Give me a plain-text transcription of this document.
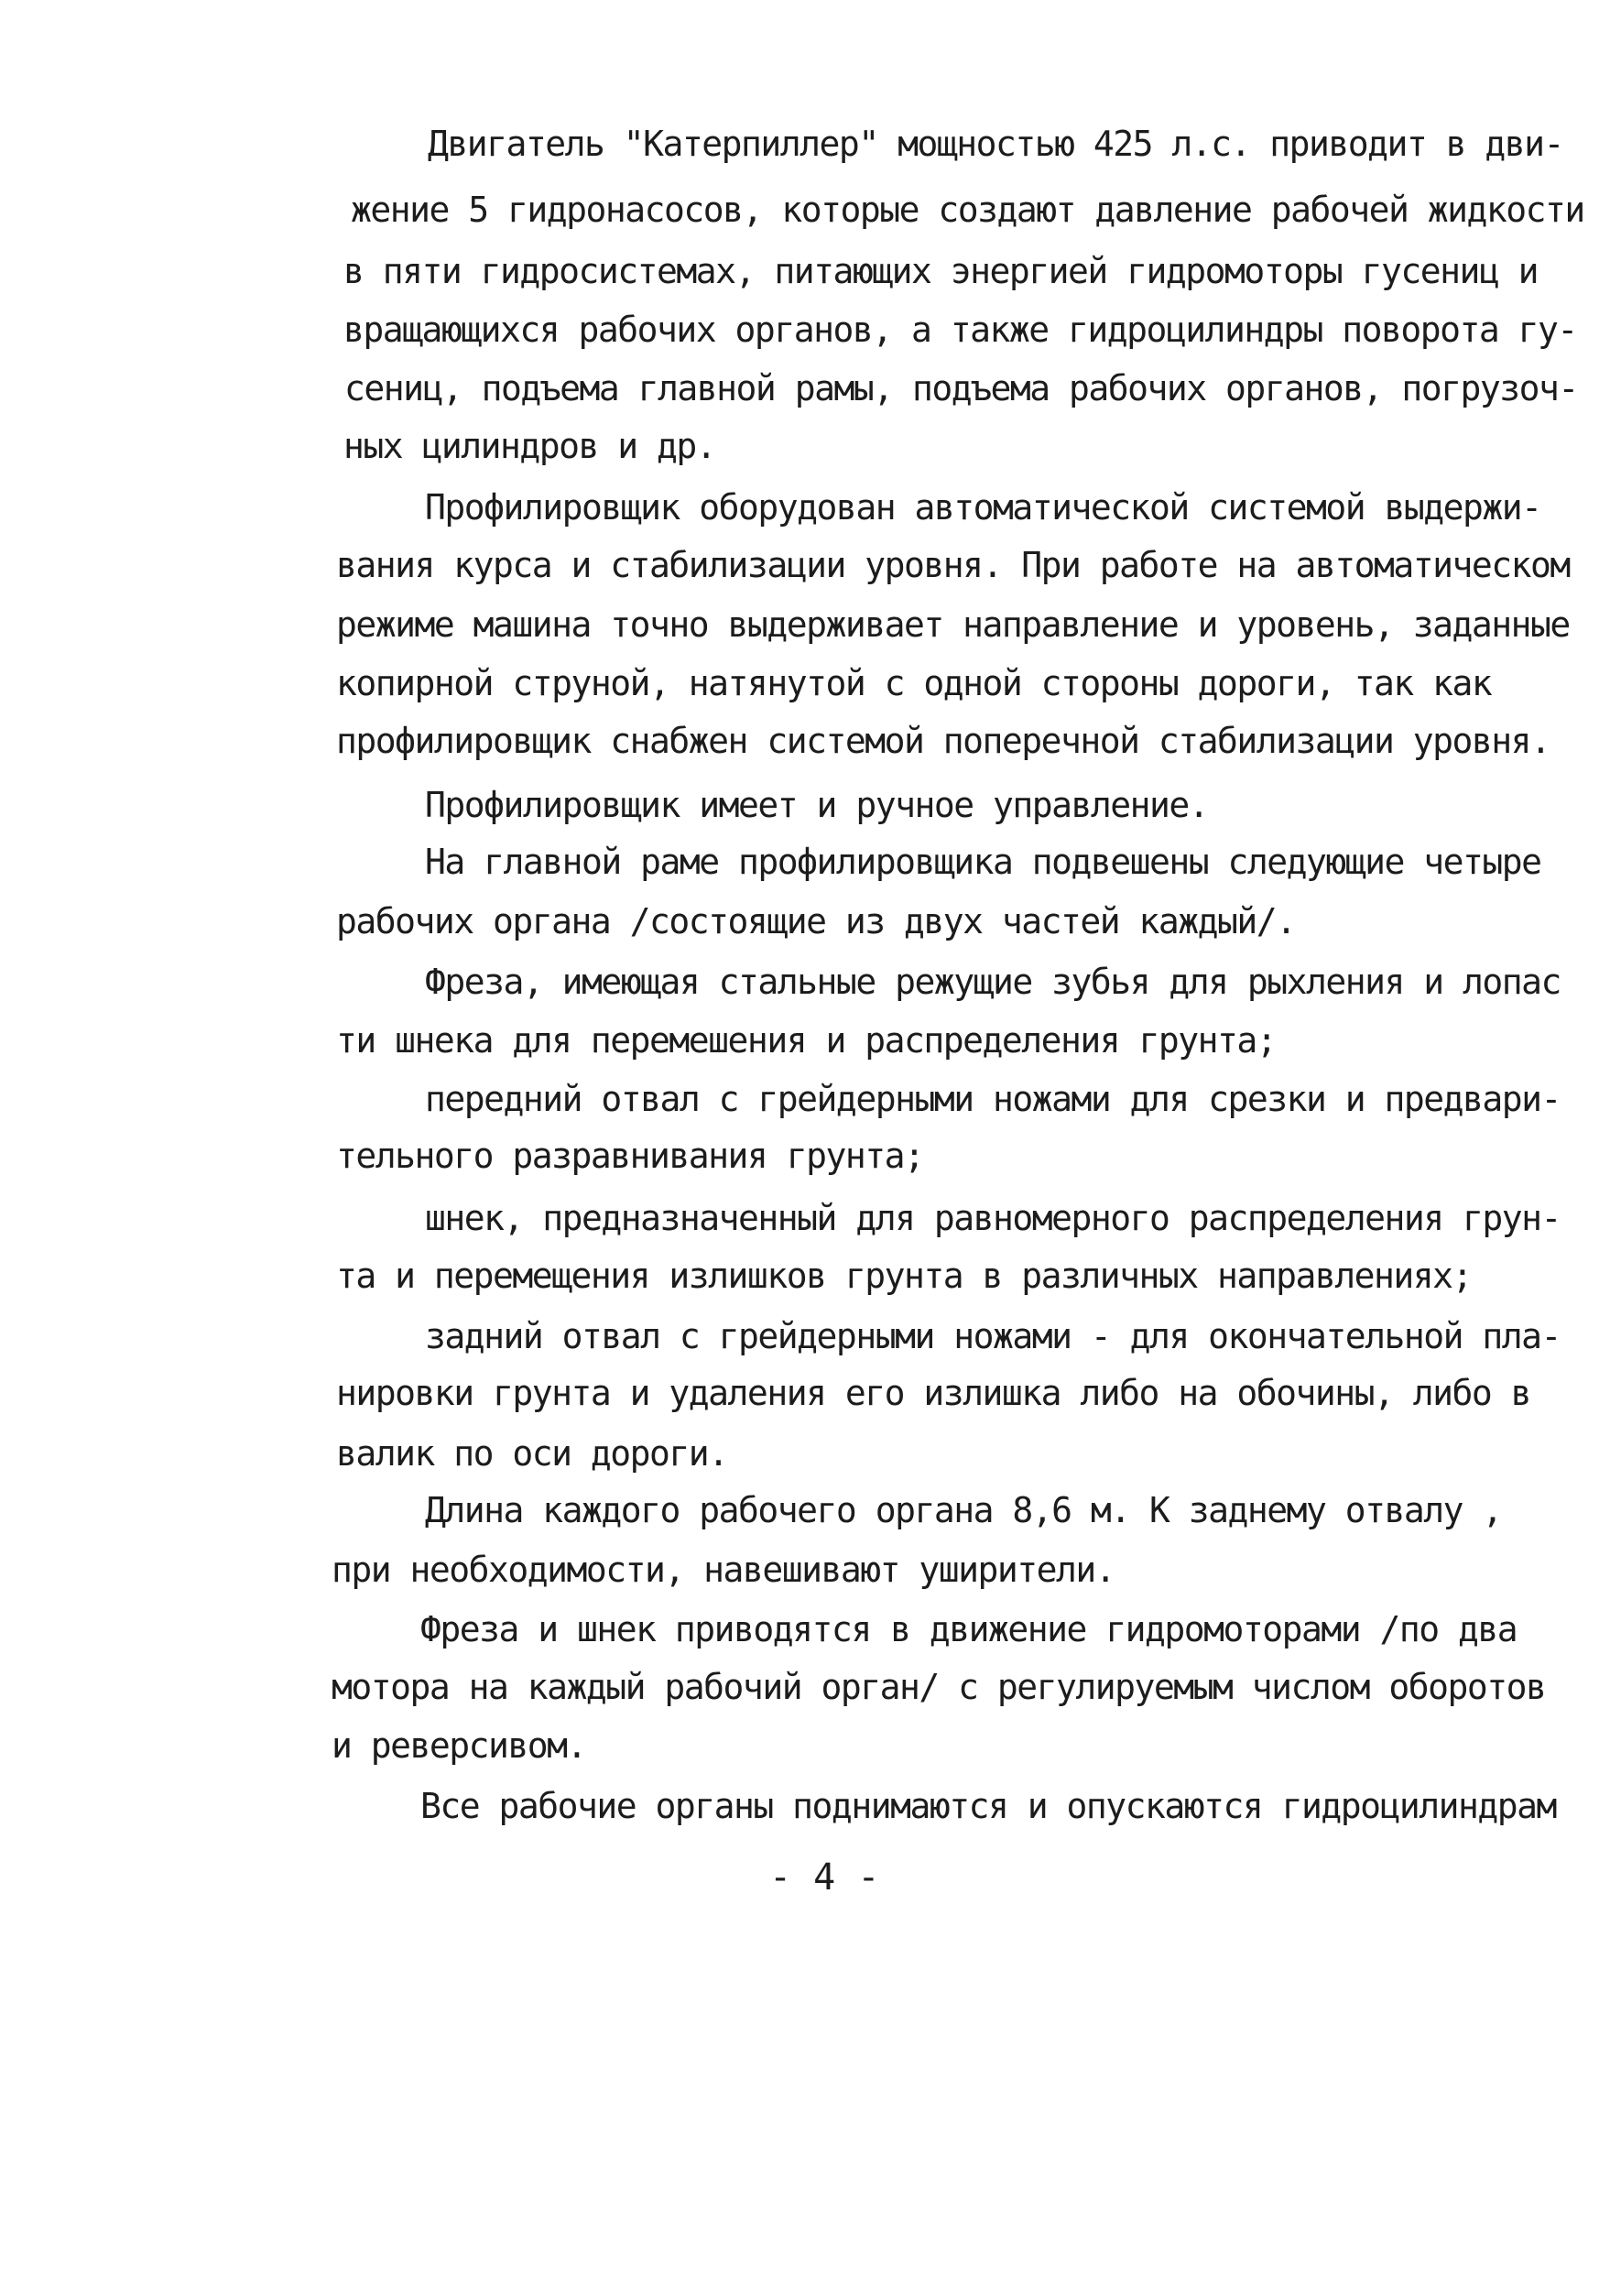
Двигатель "Катерпиллер" мощностью 425 л.с. приводит в дви-
жение 5 гидронасосов, которые создают давление рабочей жидкости
в пяти гидросистемах, питающих энергией гидромоторы гусениц и
вращающихся рабочих органов, а также гидроцилиндры поворота гу-
сениц, подъема главной рамы, подъема рабочих органов, погрузоч-
ных цилиндров и др.
Профилировщик оборудован автоматической системой выдержи-
вания курса и стабилизации уровня. При работе на автоматическом
режиме машина точно выдерживает направление и уровень, заданные
копирной струной, натянутой с одной стороны дороги, так как
профилировщик снабжен системой поперечной стабилизации уровня.
Профилировщик имеет и ручное управление.
На главной раме профилировщика подвешены следующие четыре
рабочих органа /состоящие из двух частей каждый/.
Фреза, имеющая стальные режущие зубья для рыхления и лопас
ти шнека для перемешения и распределения грунта;
передний отвал с грейдерными ножами для срезки и предвари-
тельного разравнивания грунта;
шнек, предназначенный для равномерного распределения грун-
та и перемещения излишков грунта в различных направлениях;
задний отвал с грейдерными ножами - для окончательной пла-
нировки грунта и удаления его излишка либо на обочины, либо в
валик по оси дороги.
Длина каждого рабочего органа 8,6 м. К заднему отвалу ,
при необходимости, навешивают уширители.
Фреза и шнек приводятся в движение гидромоторами /по два
мотора на каждый рабочий орган/ с регулируемым числом оборотов
и реверсивом.
Все рабочие органы поднимаются и опускаются гидроцилиндрам
- 4 -
